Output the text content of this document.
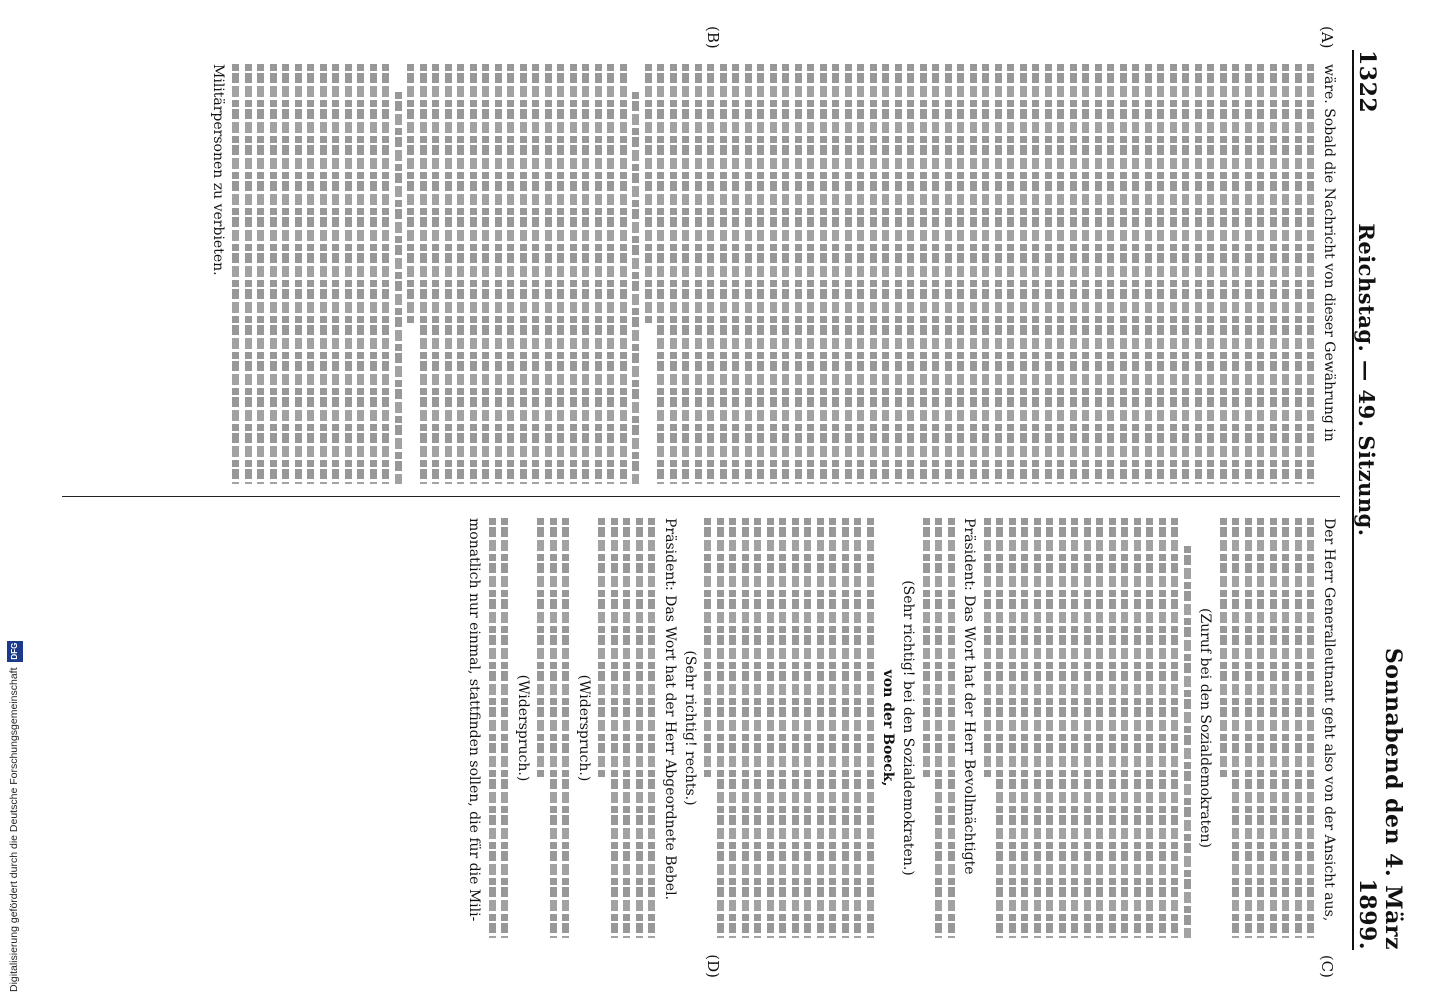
1322
Reichstag. — 49. Sitzung.
Sonnabend den 4. März 1899.
(A)
(B)
(C)
(D)
wäre. Sobald die Nachricht von dieser Gewährung in
Militärpersonen zu verbieten.
Der Herr Generalleutnant geht also von der Ansicht aus,
(Zuruf bei den Sozialdemokraten)
Präsident: Das Wort hat der Herr Bevollmächtigte
(Sehr richtig! bei den Sozialdemokraten.)
von der Boeck,
(Sehr richtig! rechts.)
Präsident: Das Wort hat der Herr Abgeordnete Bebel.
(Widerspruch.)
(Widerspruch.)
monatlich nur einmal, stattfinden sollen, die für die Mili-
Digitalisierung gefördert durch die Deutsche Forschungsgemeinschaft DFG
